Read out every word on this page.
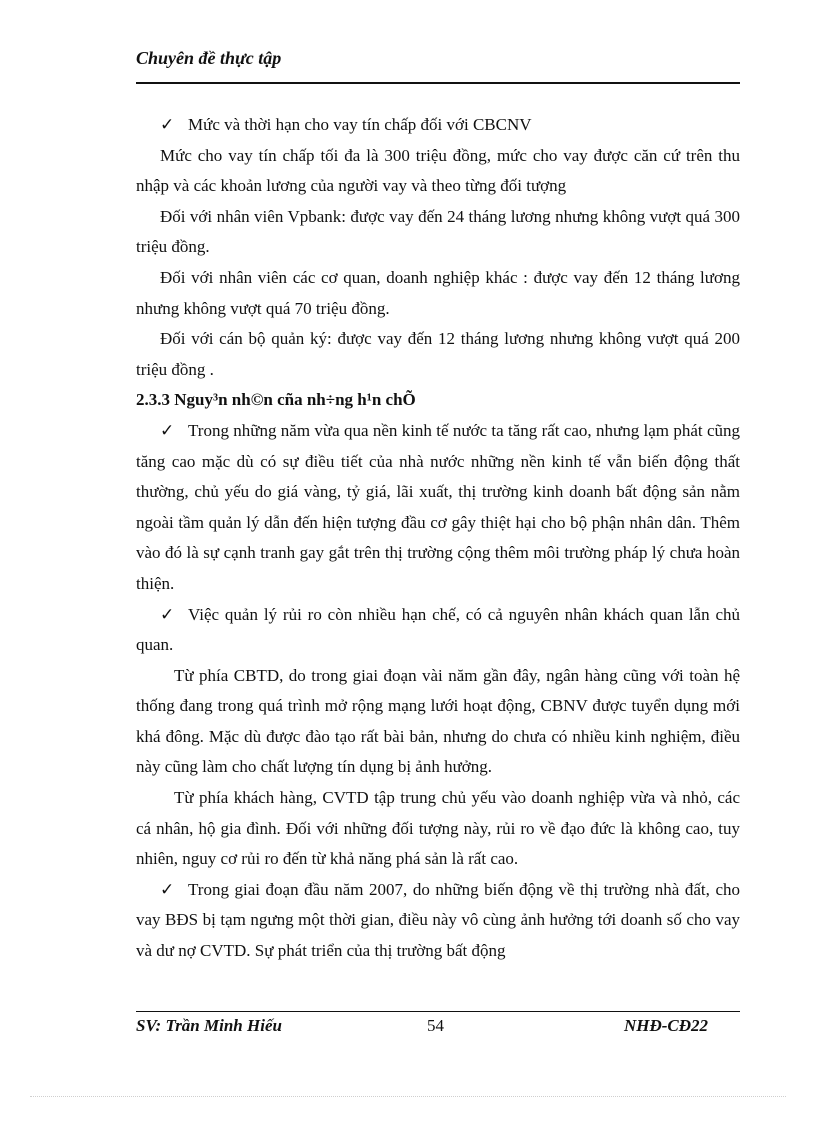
Chuyên đề thực tập

✓ Mức và thời hạn cho vay tín chấp đối với CBCNV

Mức cho vay tín chấp tối đa là 300 triệu đồng, mức cho vay được căn cứ trên thu nhập và các khoản lương của người vay và theo từng đối tượng

Đối với nhân viên Vpbank: được vay đến 24 tháng lương nhưng không vượt quá 300 triệu đồng.

Đối với nhân viên các cơ quan, doanh nghiệp khác : được vay đến 12 tháng lương nhưng không vượt quá 70 triệu đồng.

Đối với cán bộ quản ký: được vay đến 12 tháng lương nhưng không vượt quá 200 triệu đồng .

2.3.3 Nguy³n nh©n cña nh÷ng h¹n chÕ

✓ Trong những năm vừa qua nền kinh tế nước ta tăng rất cao, nhưng lạm phát cũng tăng cao mặc dù có sự điều tiết của nhà nước những nền kinh tế vẫn biến động thất thường, chủ yếu do giá vàng, tỷ giá, lãi xuất, thị trường kinh doanh bất động sản nằm ngoài tầm quản lý dẫn đến hiện tượng đầu cơ gây thiệt hại cho bộ phận nhân dân. Thêm vào đó là sự cạnh tranh gay gắt trên thị trường cộng thêm môi trường pháp lý chưa hoàn thiện.

✓ Việc quản lý rủi ro còn nhiều hạn chế, có cả nguyên nhân khách quan lẫn chủ quan.

Từ phía CBTD, do trong giai đoạn vài năm gần đây, ngân hàng cũng với toàn hệ thống đang trong quá trình mở rộng mạng lưới hoạt động, CBNV được tuyển dụng mới khá đông. Mặc dù được đào tạo rất bài bản, nhưng do chưa có nhiều kinh nghiệm, điều này cũng làm cho chất lượng tín dụng bị ảnh hưởng.

Từ phía khách hàng, CVTD tập trung chủ yếu vào doanh nghiệp vừa và nhỏ, các cá nhân, hộ gia đình. Đối với những đối tượng này, rủi ro về đạo đức là không cao, tuy nhiên, nguy cơ rủi ro đến từ khả năng phá sản là rất cao.

✓ Trong giai đoạn đầu năm 2007, do những biến động về thị trường nhà đất, cho vay BĐS bị tạm ngưng một thời gian, điều này vô cùng ảnh hưởng tới doanh số cho vay và dư nợ CVTD. Sự phát triển của thị trường bất động

SV: Trần Minh Hiếu	54	NHĐ-CĐ22
